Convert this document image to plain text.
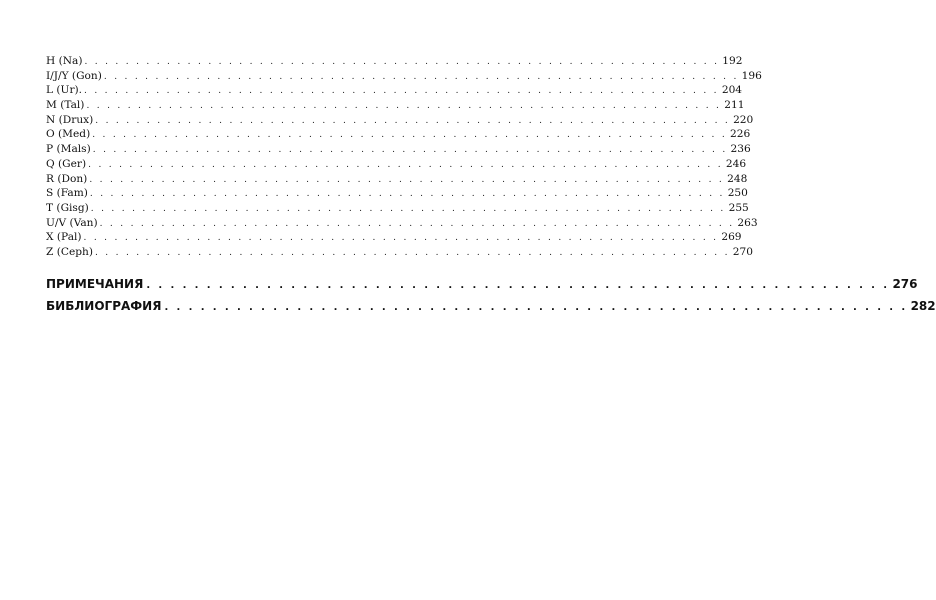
H (Na) . . . . . . . . . . . . . . . . . . . . . . . . . . . . . . . . . . . . . . . . . . . . . . . . . . . . . . . . . . . . . . 192
I/J/Y (Gon) . . . . . . . . . . . . . . . . . . . . . . . . . . . . . . . . . . . . . . . . . . . . . . . . . . . . . . . . . . . . . . 196
L (Ur). . . . . . . . . . . . . . . . . . . . . . . . . . . . . . . . . . . . . . . . . . . . . . . . . . . . . . . . . . . . . . . 204
M (Tal) . . . . . . . . . . . . . . . . . . . . . . . . . . . . . . . . . . . . . . . . . . . . . . . . . . . . . . . . . . . . . . 211
N (Drux) . . . . . . . . . . . . . . . . . . . . . . . . . . . . . . . . . . . . . . . . . . . . . . . . . . . . . . . . . . . . . . 220
O (Med) . . . . . . . . . . . . . . . . . . . . . . . . . . . . . . . . . . . . . . . . . . . . . . . . . . . . . . . . . . . . . . 226
P (Mals) . . . . . . . . . . . . . . . . . . . . . . . . . . . . . . . . . . . . . . . . . . . . . . . . . . . . . . . . . . . . . . 236
Q (Ger) . . . . . . . . . . . . . . . . . . . . . . . . . . . . . . . . . . . . . . . . . . . . . . . . . . . . . . . . . . . . . . 246
R (Don) . . . . . . . . . . . . . . . . . . . . . . . . . . . . . . . . . . . . . . . . . . . . . . . . . . . . . . . . . . . . . . 248
S (Fam) . . . . . . . . . . . . . . . . . . . . . . . . . . . . . . . . . . . . . . . . . . . . . . . . . . . . . . . . . . . . . . 250
T (Gisg) . . . . . . . . . . . . . . . . . . . . . . . . . . . . . . . . . . . . . . . . . . . . . . . . . . . . . . . . . . . . . . 255
U/V (Van) . . . . . . . . . . . . . . . . . . . . . . . . . . . . . . . . . . . . . . . . . . . . . . . . . . . . . . . . . . . . . . 263
X (Pal) . . . . . . . . . . . . . . . . . . . . . . . . . . . . . . . . . . . . . . . . . . . . . . . . . . . . . . . . . . . . . . 269
Z (Ceph) . . . . . . . . . . . . . . . . . . . . . . . . . . . . . . . . . . . . . . . . . . . . . . . . . . . . . . . . . . . . . . 270
ПРИМЕЧАНИЯ . . . . . . . . . . . . . . . . . . . . . . . . . . . . . . . . . . . . . . . . . . . . . . . . . . . . . . . . . . . . . . 276
БИБЛИОГРАФИЯ . . . . . . . . . . . . . . . . . . . . . . . . . . . . . . . . . . . . . . . . . . . . . . . . . . . . . . . . . . . . . . 282
